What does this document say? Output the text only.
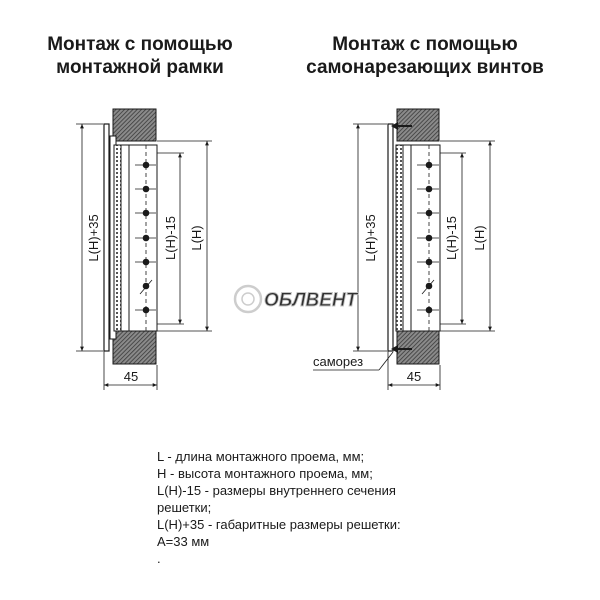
Монтаж с помощью
монтажной рамки
Монтаж с помощью
самонарезающих винтов
L(H)+35	L(H)-15 L(H)
45
L(H)+35	L(H)-15 L(H)
45
саморез
ОБЛВЕНТ
L - длина монтажного проема, мм;
H - высота монтажного проема, мм;
L(H)-15 - размеры внутреннего сечения
решетки;
L(H)+35 - габаритные размеры решетки:
A=33 мм
.
